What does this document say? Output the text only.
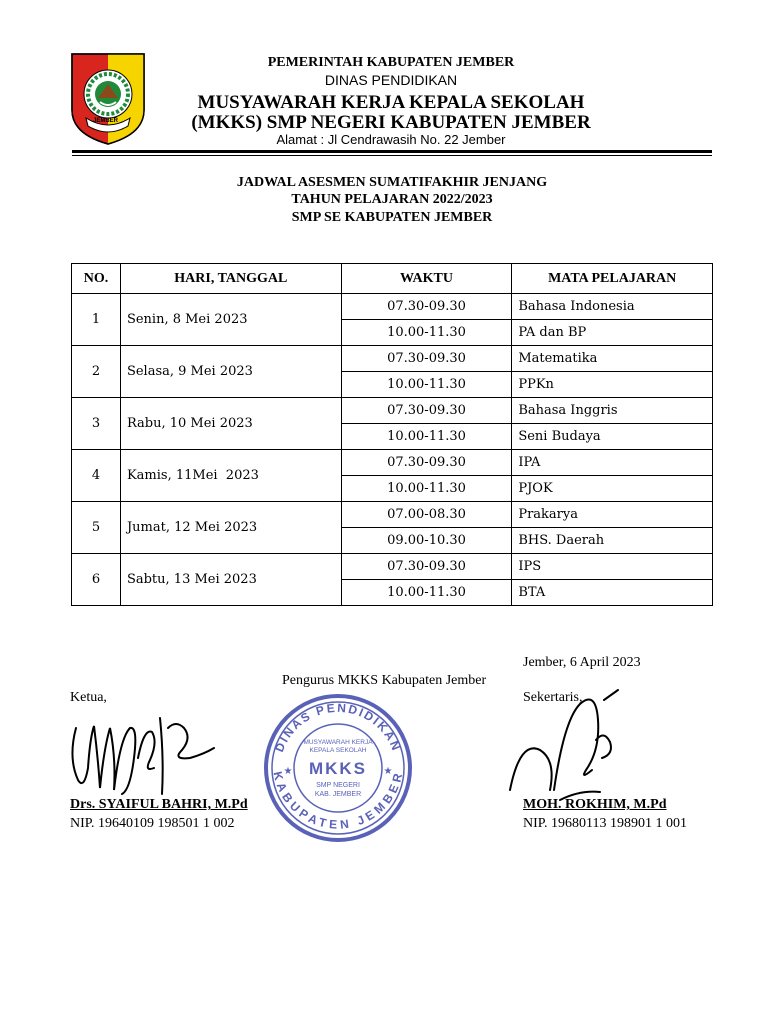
JEMBER
PEMERINTAH KABUPATEN JEMBER
DINAS PENDIDIKAN
MUSYAWARAH KERJA KEPALA SEKOLAH
(MKKS) SMP NEGERI KABUPATEN JEMBER
Alamat : Jl Cendrawasih No. 22 Jember
JADWAL ASESMEN SUMATIFAKHIR JENJANG
TAHUN PELAJARAN 2022/2023
SMP SE KABUPATEN JEMBER
NO.	HARI, TANGGAL	WAKTU	MATA PELAJARAN
1	Senin, 8 Mei 2023	07.30-09.30	Bahasa Indonesia
		10.00-11.30	PA dan BP
2	Selasa, 9 Mei 2023	07.30-09.30	Matematika
		10.00-11.30	PPKn
3	Rabu, 10 Mei 2023	07.30-09.30	Bahasa Inggris
		10.00-11.30	Seni Budaya
4	Kamis, 11Mei  2023	07.30-09.30	IPA
		10.00-11.30	PJOK
5	Jumat, 12 Mei 2023	07.00-08.30	Prakarya
		09.00-10.30	BHS. Daerah
6	Sabtu, 13 Mei 2023	07.30-09.30	IPS
		10.00-11.30	BTA
Jember, 6 April 2023
Pengurus MKKS Kabupaten Jember
Ketua,	Sekertaris,
DINAS PENDIDIKAN
KABUPATEN JEMBER
MUSYAWARAH KERJA
KEPALA SEKOLAH
MKKS
★	★
SMP NEGERI
KAB. JEMBER
Drs. SYAIFUL BAHRI, M.Pd
NIP. 19640109 198501 1 002
MOH. ROKHIM, M.Pd
NIP. 19680113 198901 1 001
